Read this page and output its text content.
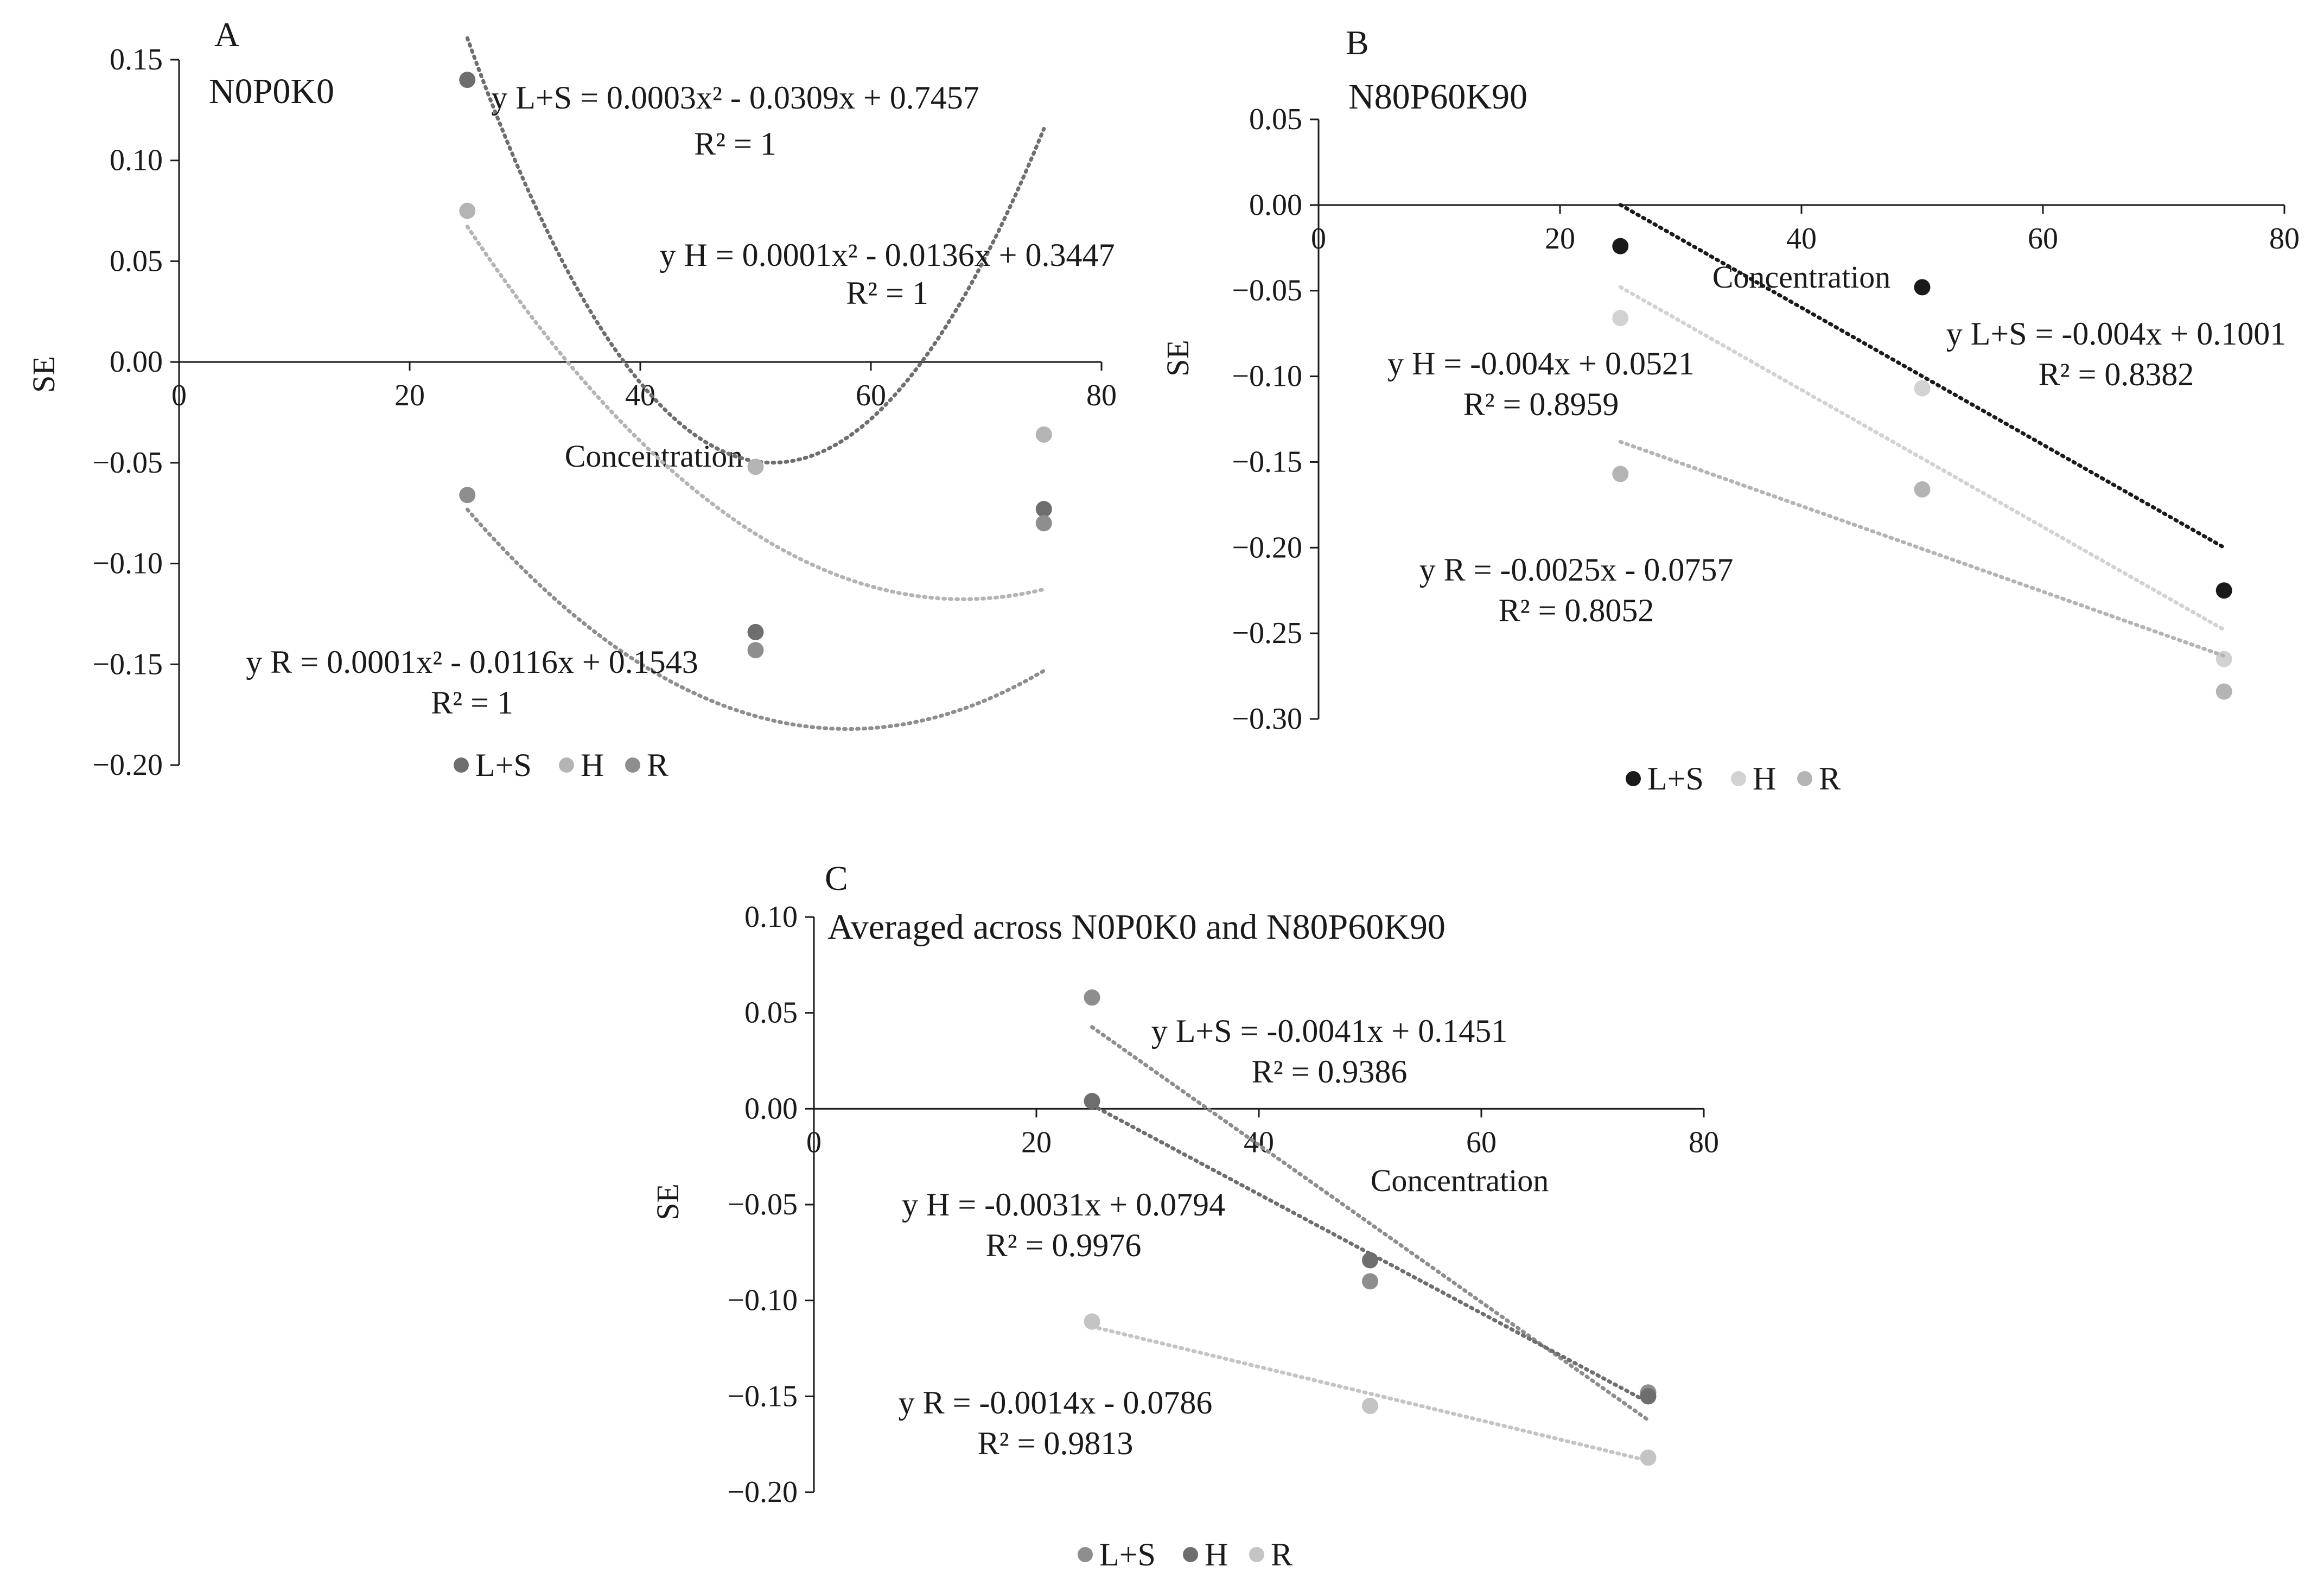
A
N0P0K0
0.15
0.10
0.05
0.00
−0.05
−0.10
−0.15
−0.20
0	20	40	60	80
Concentration
SE
y L+S = 0.0003x² - 0.0309x + 0.7457
R² = 1
y H = 0.0001x² - 0.0136x + 0.3447
R² = 1
y R = 0.0001x² - 0.0116x + 0.1543
R² = 1
L+S H R
B
N80P60K90
0.05
0.00
−0.05
−0.10
−0.15
−0.20
−0.25
−0.30
0	20	40	60	80
Concentration
SE
y L+S = -0.004x + 0.1001
R² = 0.8382
y H = -0.004x + 0.0521
R² = 0.8959
y R = -0.0025x - 0.0757
R² = 0.8052
L+S H R
C
Averaged across N0P0K0 and N80P60K90
0.10
0.05
0.00
−0.05
−0.10
−0.15
−0.20
0	20	40	60	80
Concentration
SE
y L+S = -0.0041x + 0.1451
R² = 0.9386
y H = -0.0031x + 0.0794
R² = 0.9976
y R = -0.0014x - 0.0786
R² = 0.9813
L+S H R
